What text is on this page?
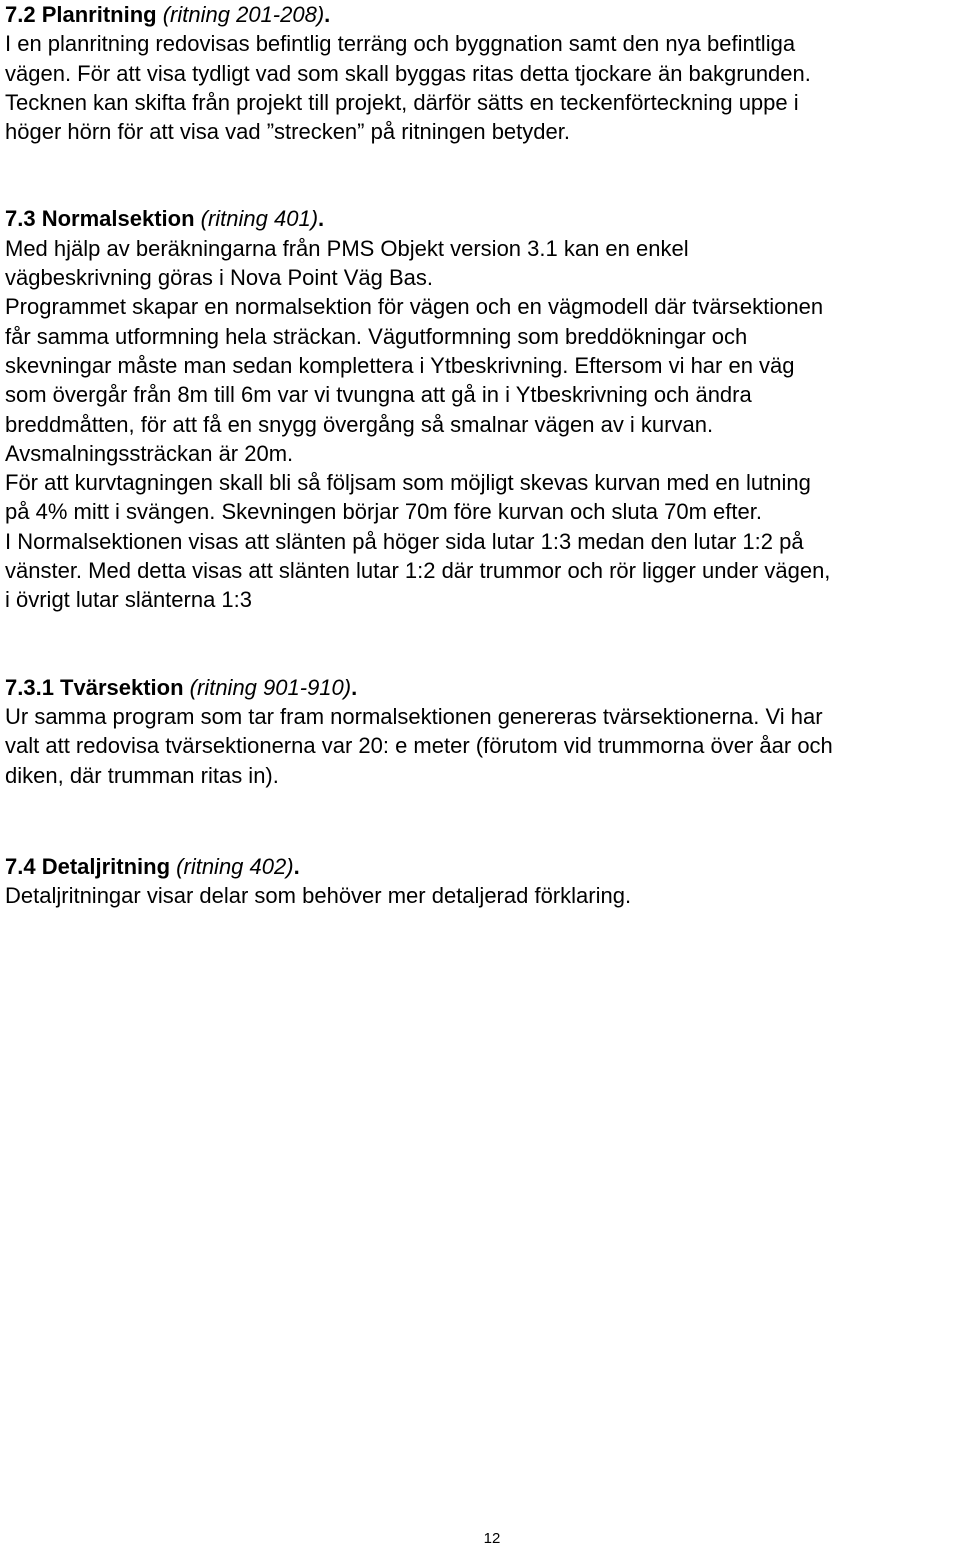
7.2 Planritning (ritning 201-208).
I en planritning redovisas befintlig terräng och byggnation samt den nya befintliga
vägen. För att visa tydligt vad som skall byggas ritas detta tjockare än bakgrunden.
Tecknen kan skifta från projekt till projekt, därför sätts en teckenförteckning uppe i
höger hörn för att visa vad ”strecken” på ritningen betyder.
7.3 Normalsektion (ritning 401).
Med hjälp av beräkningarna från PMS Objekt version 3.1 kan en enkel
vägbeskrivning göras i Nova Point Väg Bas.
Programmet skapar en normalsektion för vägen och en vägmodell där tvärsektionen
får samma utformning hela sträckan. Vägutformning som breddökningar och
skevningar måste man sedan komplettera i Ytbeskrivning. Eftersom vi har en väg
som övergår från 8m till 6m var vi tvungna att gå in i Ytbeskrivning och ändra
breddmåtten, för att få en snygg övergång så smalnar vägen av i kurvan.
Avsmalningssträckan är 20m.
För att kurvtagningen skall bli så följsam som möjligt skevas kurvan med en lutning
på 4% mitt i svängen. Skevningen börjar 70m före kurvan och sluta 70m efter.
I Normalsektionen visas att slänten på höger sida lutar 1:3 medan den lutar 1:2 på
vänster. Med detta visas att slänten lutar 1:2 där trummor och rör ligger under vägen,
i övrigt lutar slänterna 1:3
7.3.1 Tvärsektion (ritning 901-910).
Ur samma program som tar fram normalsektionen genereras tvärsektionerna. Vi har
valt att redovisa tvärsektionerna var 20: e meter (förutom vid trummorna över åar och
diken, där trumman ritas in).
7.4 Detaljritning (ritning 402).
Detaljritningar visar delar som behöver mer detaljerad förklaring.
12
